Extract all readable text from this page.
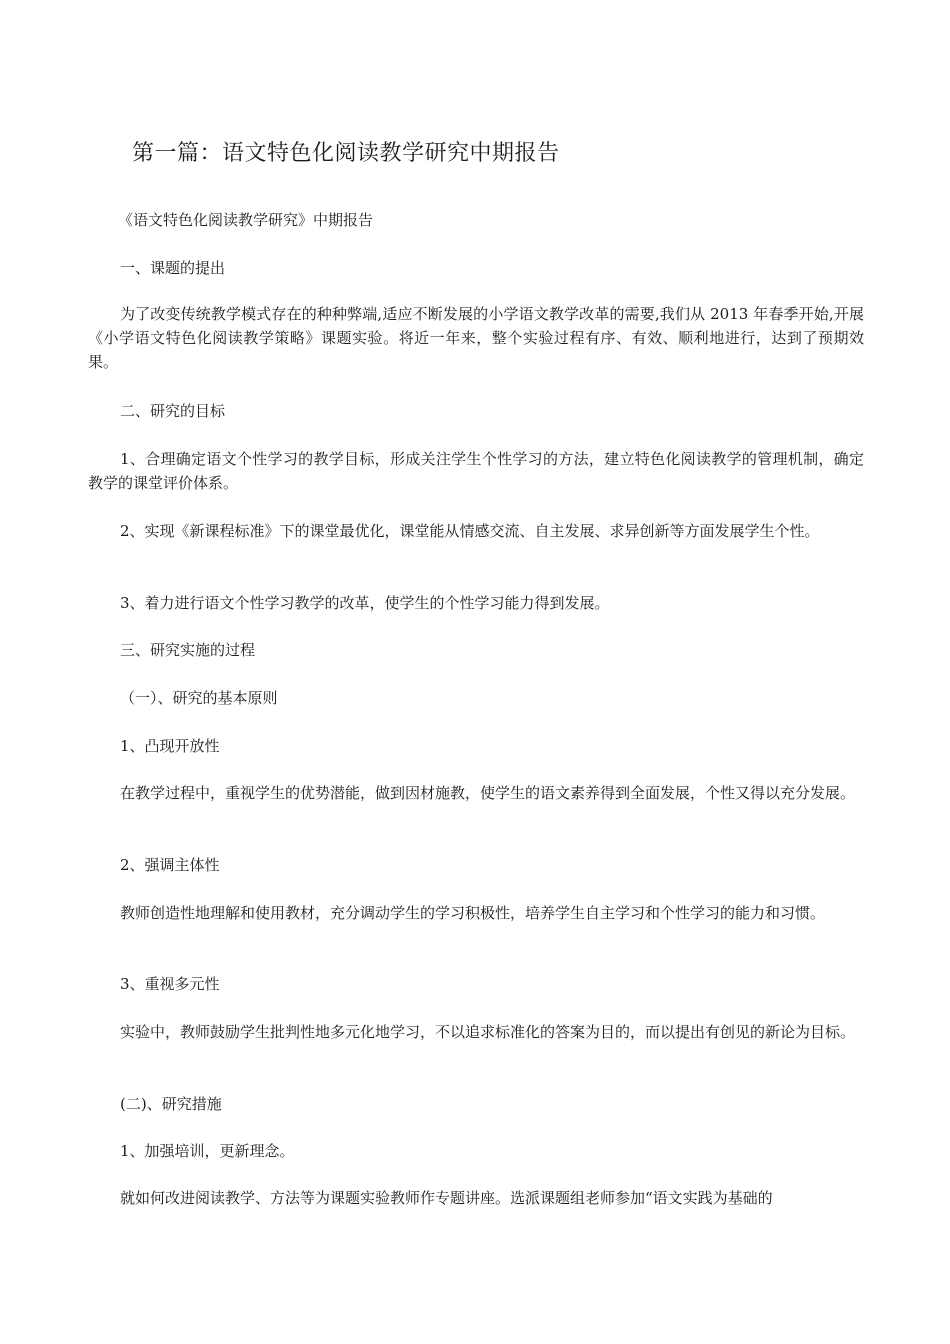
第一篇：语文特色化阅读教学研究中期报告
《语文特色化阅读教学研究》中期报告
一、课题的提出
为了改变传统教学模式存在的种种弊端,适应不断发展的小学语文教学改革的需要,我们从 2013 年春季开始,开展《小学语文特色化阅读教学策略》课题实验。将近一年来，整个实验过程有序、有效、顺利地进行，达到了预期效果。
二、研究的目标
1、合理确定语文个性学习的教学目标，形成关注学生个性学习的方法，建立特色化阅读教学的管理机制，确定教学的课堂评价体系。
2、实现《新课程标准》下的课堂最优化，课堂能从情感交流、自主发展、求异创新等方面发展学生个性。
3、着力进行语文个性学习教学的改革，使学生的个性学习能力得到发展。
三、研究实施的过程
（一）、研究的基本原则
1、凸现开放性
在教学过程中，重视学生的优势潜能，做到因材施教，使学生的语文素养得到全面发展，个性又得以充分发展。
2、强调主体性
教师创造性地理解和使用教材，充分调动学生的学习积极性，培养学生自主学习和个性学习的能力和习惯。
3、重视多元性
实验中，教师鼓励学生批判性地多元化地学习，不以追求标准化的答案为目的，而以提出有创见的新论为目标。
(二)、研究措施
1、加强培训，更新理念。
就如何改进阅读教学、方法等为课题实验教师作专题讲座。选派课题组老师参加“语文实践为基础的
